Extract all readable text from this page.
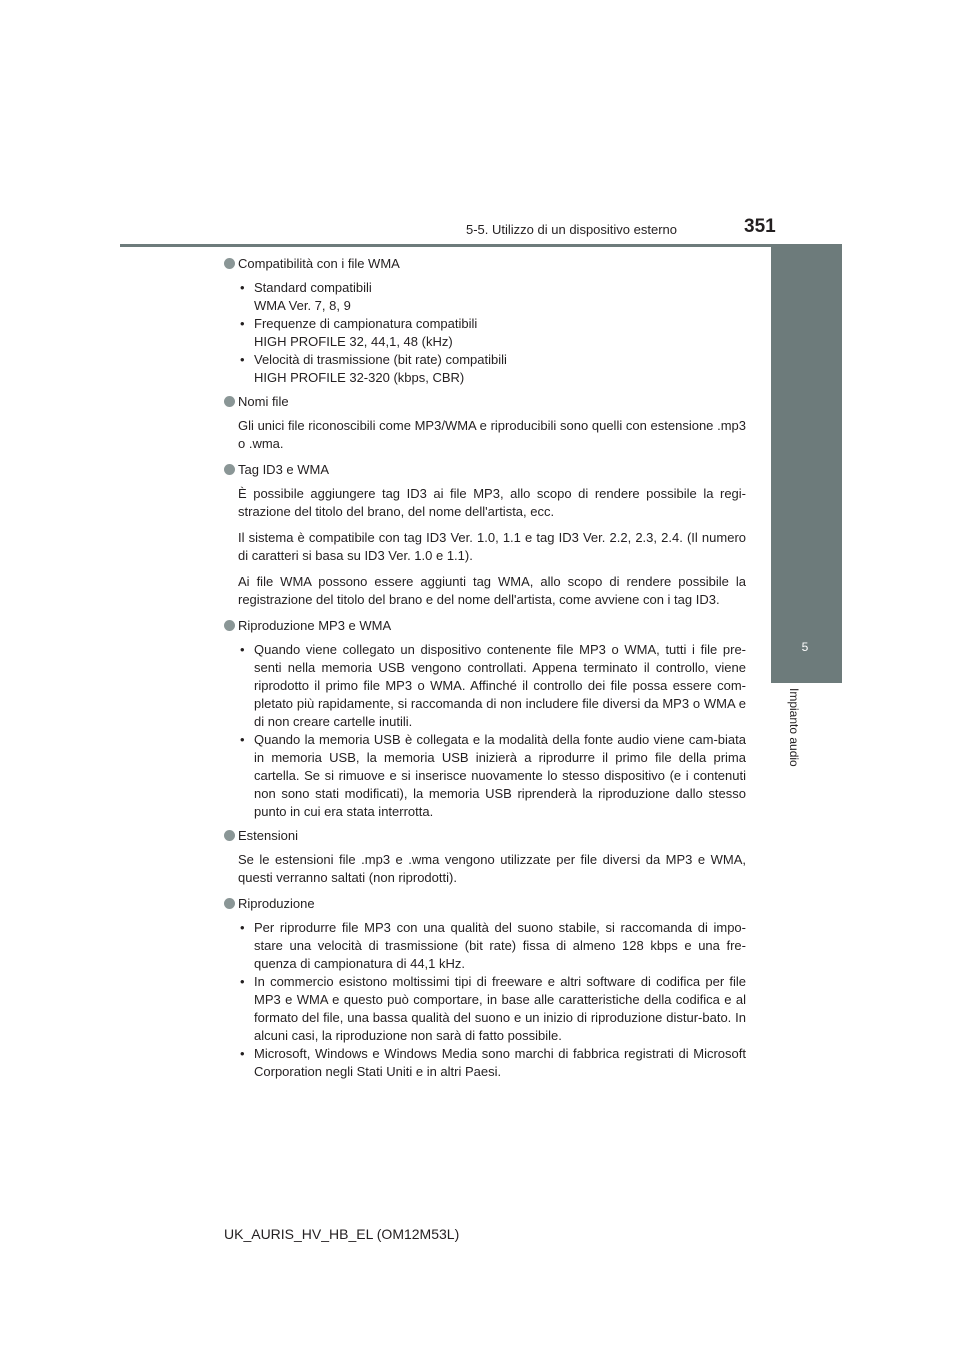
5-5. Utilizzo di un dispositivo esterno	351
5
Impianto audio
Compatibilità con i file WMA
• Standard compatibili
WMA Ver. 7, 8, 9
• Frequenze di campionatura compatibili
HIGH PROFILE 32, 44,1, 48 (kHz)
• Velocità di trasmissione (bit rate) compatibili
HIGH PROFILE 32-320 (kbps, CBR)
Nomi file
Gli unici file riconoscibili come MP3/WMA e riproducibili sono quelli con estensione .mp3 o .wma.
Tag ID3 e WMA
È possibile aggiungere tag ID3 ai file MP3, allo scopo di rendere possibile la regi-strazione del titolo del brano, del nome dell'artista, ecc.
Il sistema è compatibile con tag ID3 Ver. 1.0, 1.1 e tag ID3 Ver. 2.2, 2.3, 2.4. (Il numero di caratteri si basa su ID3 Ver. 1.0 e 1.1).
Ai file WMA possono essere aggiunti tag WMA, allo scopo di rendere possibile la registrazione del titolo del brano e del nome dell'artista, come avviene con i tag ID3.
Riproduzione MP3 e WMA
• Quando viene collegato un dispositivo contenente file MP3 o WMA, tutti i file pre-senti nella memoria USB vengono controllati. Appena terminato il controllo, viene riprodotto il primo file MP3 o WMA. Affinché il controllo dei file possa essere com-pletato più rapidamente, si raccomanda di non includere file diversi da MP3 o WMA e di non creare cartelle inutili.
• Quando la memoria USB è collegata e la modalità della fonte audio viene cam-biata in memoria USB, la memoria USB inizierà a riprodurre il primo file della prima cartella. Se si rimuove e si inserisce nuovamente lo stesso dispositivo (e i contenuti non sono stati modificati), la memoria USB riprenderà la riproduzione dallo stesso punto in cui era stata interrotta.
Estensioni
Se le estensioni file .mp3 e .wma vengono utilizzate per file diversi da MP3 e WMA, questi verranno saltati (non riprodotti).
Riproduzione
• Per riprodurre file MP3 con una qualità del suono stabile, si raccomanda di impo-stare una velocità di trasmissione (bit rate) fissa di almeno 128 kbps e una fre-quenza di campionatura di 44,1 kHz.
• In commercio esistono moltissimi tipi di freeware e altri software di codifica per file MP3 e WMA e questo può comportare, in base alle caratteristiche della codifica e al formato del file, una bassa qualità del suono e un inizio di riproduzione distur-bato. In alcuni casi, la riproduzione non sarà di fatto possibile.
• Microsoft, Windows e Windows Media sono marchi di fabbrica registrati di Microsoft Corporation negli Stati Uniti e in altri Paesi.
UK_AURIS_HV_HB_EL (OM12M53L)
